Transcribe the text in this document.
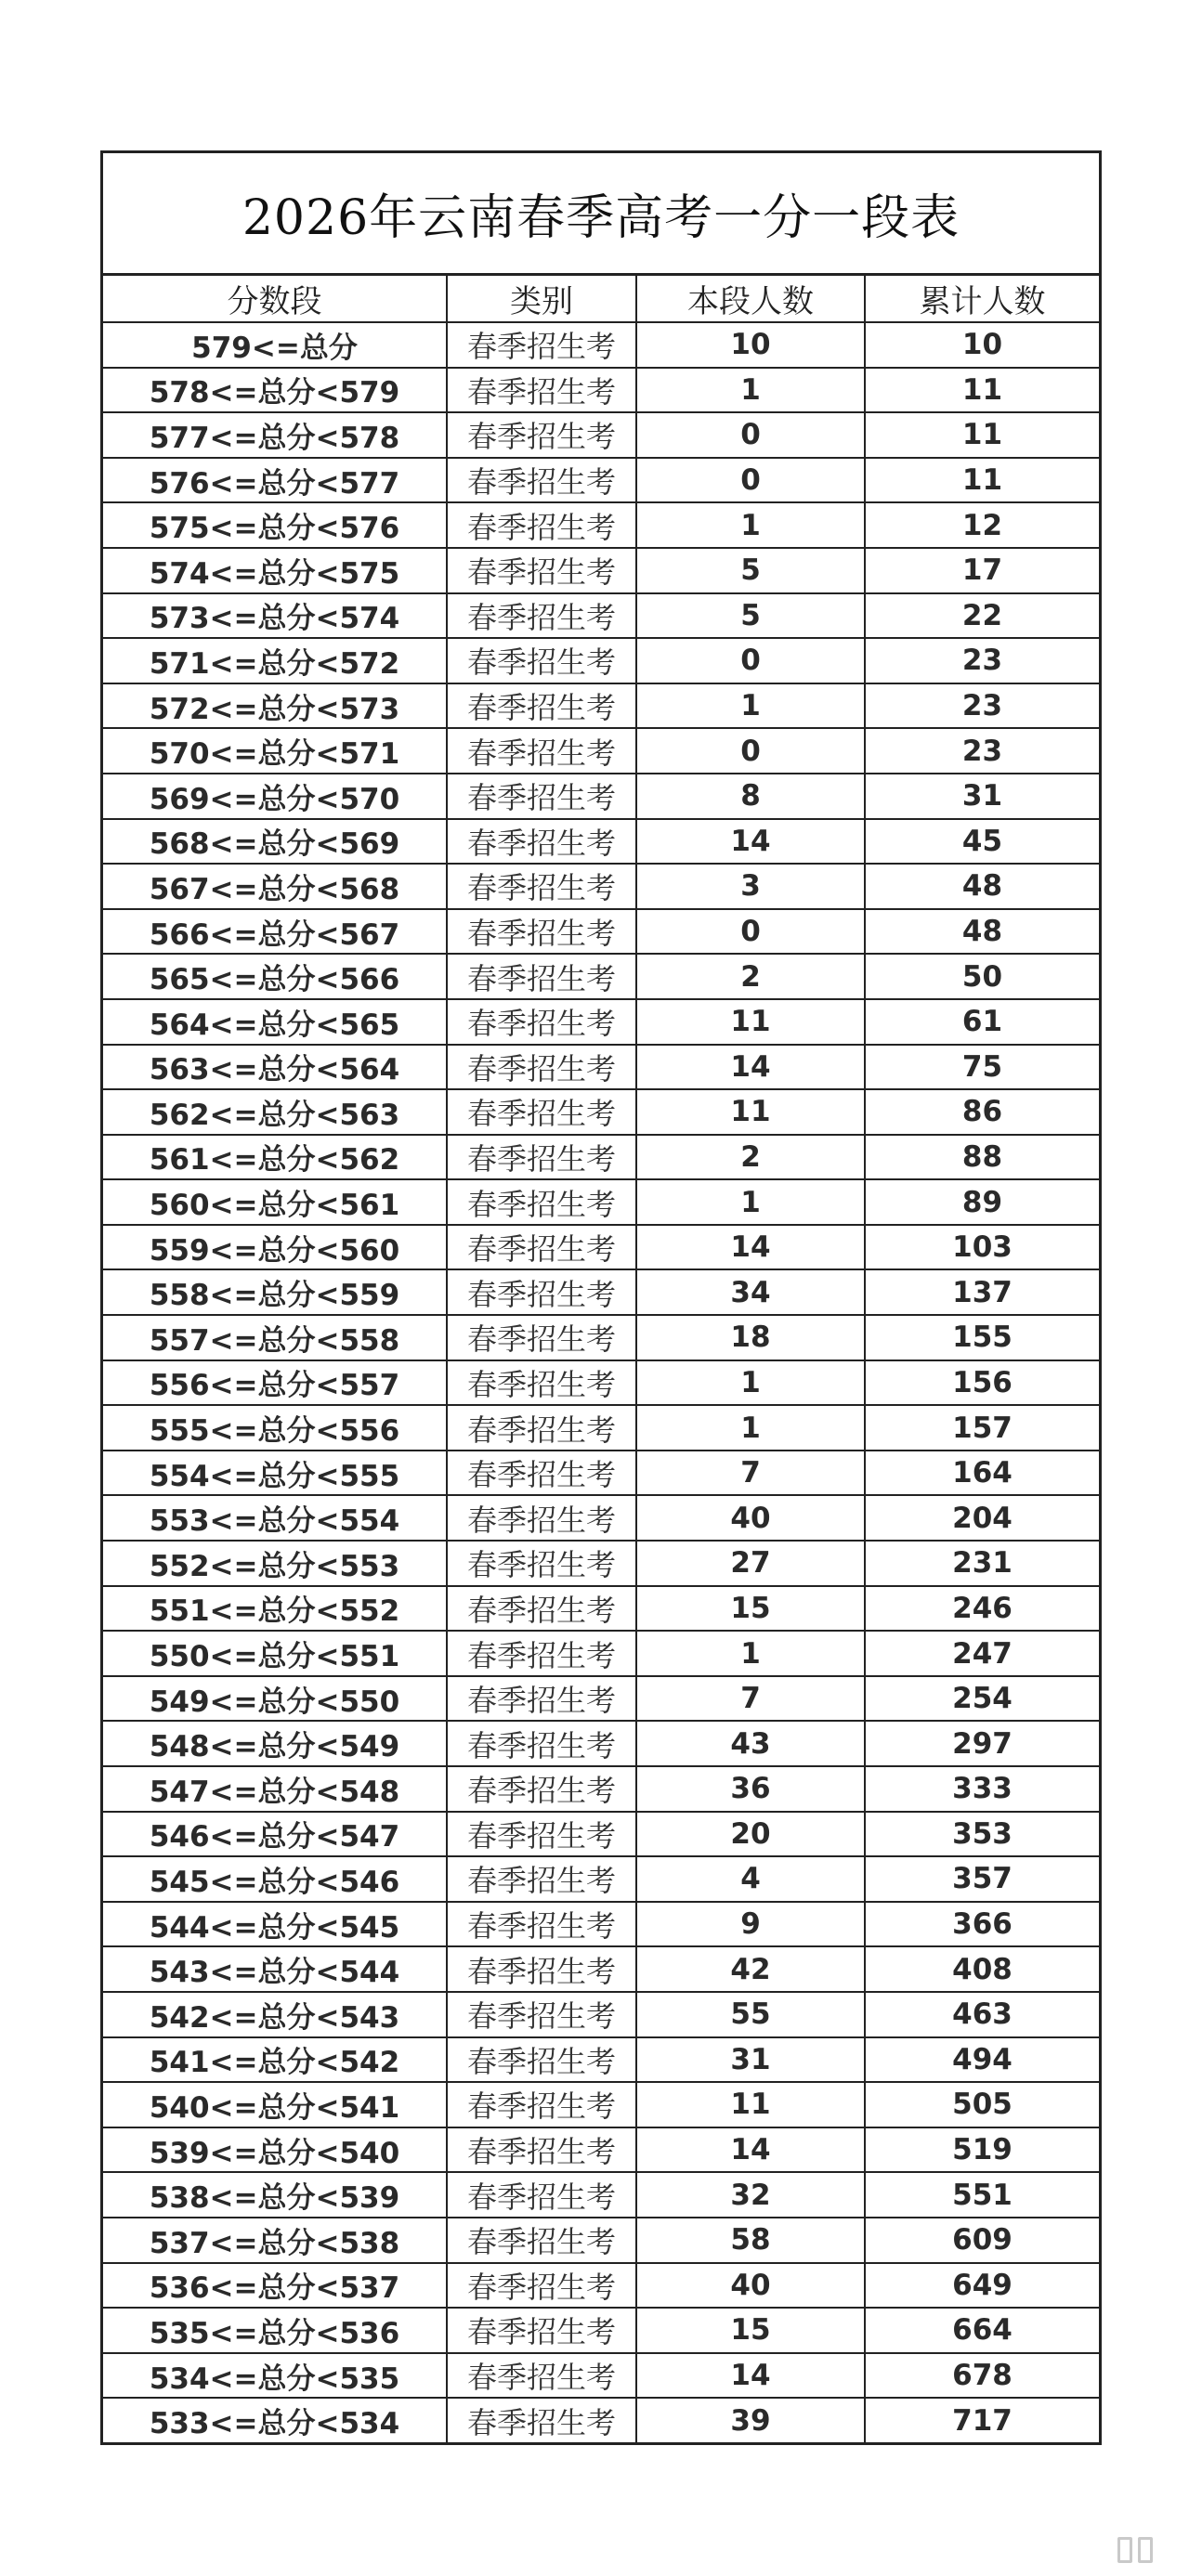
2026年云南春季高考一分一段表
分数段	类别	本段人数	累计人数
579<=总分	春季招生考	10	10
578<=总分<579	春季招生考	1	11
577<=总分<578	春季招生考	0	11
576<=总分<577	春季招生考	0	11
575<=总分<576	春季招生考	1	12
574<=总分<575	春季招生考	5	17
573<=总分<574	春季招生考	5	22
571<=总分<572	春季招生考	0	23
572<=总分<573	春季招生考	1	23
570<=总分<571	春季招生考	0	23
569<=总分<570	春季招生考	8	31
568<=总分<569	春季招生考	14	45
567<=总分<568	春季招生考	3	48
566<=总分<567	春季招生考	0	48
565<=总分<566	春季招生考	2	50
564<=总分<565	春季招生考	11	61
563<=总分<564	春季招生考	14	75
562<=总分<563	春季招生考	11	86
561<=总分<562	春季招生考	2	88
560<=总分<561	春季招生考	1	89
559<=总分<560	春季招生考	14	103
558<=总分<559	春季招生考	34	137
557<=总分<558	春季招生考	18	155
556<=总分<557	春季招生考	1	156
555<=总分<556	春季招生考	1	157
554<=总分<555	春季招生考	7	164
553<=总分<554	春季招生考	40	204
552<=总分<553	春季招生考	27	231
551<=总分<552	春季招生考	15	246
550<=总分<551	春季招生考	1	247
549<=总分<550	春季招生考	7	254
548<=总分<549	春季招生考	43	297
547<=总分<548	春季招生考	36	333
546<=总分<547	春季招生考	20	353
545<=总分<546	春季招生考	4	357
544<=总分<545	春季招生考	9	366
543<=总分<544	春季招生考	42	408
542<=总分<543	春季招生考	55	463
541<=总分<542	春季招生考	31	494
540<=总分<541	春季招生考	11	505
539<=总分<540	春季招生考	14	519
538<=总分<539	春季招生考	32	551
537<=总分<538	春季招生考	58	609
536<=总分<537	春季招生考	40	649
535<=总分<536	春季招生考	15	664
534<=总分<535	春季招生考	14	678
533<=总分<534	春季招生考	39	717
